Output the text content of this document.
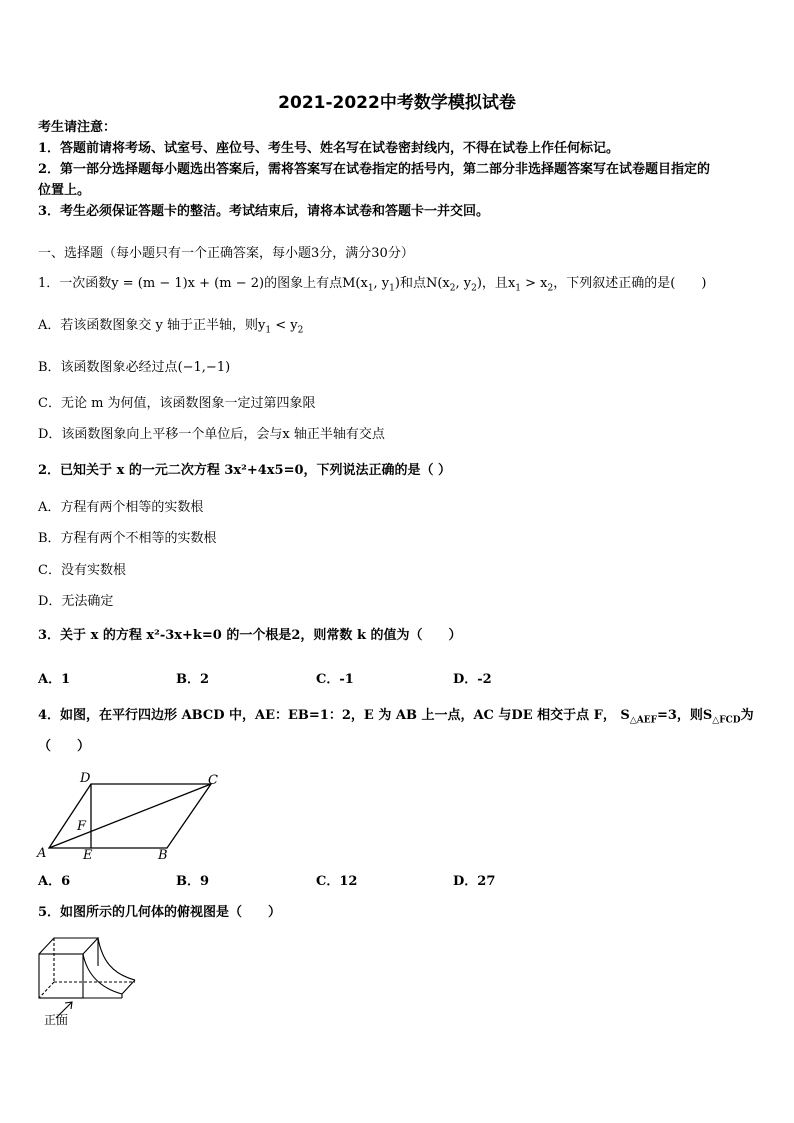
2021-2022中考数学模拟试卷
考生请注意：
1．答题前请将考场、试室号、座位号、考生号、姓名写在试卷密封线内，不得在试卷上作任何标记。
2．第一部分选择题每小题选出答案后，需将答案写在试卷指定的括号内，第二部分非选择题答案写在试卷题目指定的
位置上。
3．考生必须保证答题卡的整洁。考试结束后，请将本试卷和答题卡一并交回。
一、选择题（每小题只有一个正确答案，每小题3分，满分30分）
1．一次函数y = (m − 1)x + (m − 2)的图象上有点$M(x_1$, $y_1$)和点$N(x_2$, $y_2$)，且$x_1 > x_2$，下列叙述正确的是(　　)
A．若该函数图象交 y 轴于正半轴，则$y_1 < y_2$
B．该函数图象必经过点(−1,−1)
C．无论 m 为何值，该函数图象一定过第四象限
D．该函数图象向上平移一个单位后，会与x 轴正半轴有交点
2．已知关于 x 的一元二次方程 3x²+4x5=0，下列说法正确的是（ ）
A．方程有两个相等的实数根
B．方程有两个不相等的实数根
C．没有实数根
D．无法确定
3．关于 x 的方程 x²-3x+k=0 的一个根是2，则常数 k 的值为（　　）
A．1	B．2	C．-1	D．-2
4．如图，在平行四边形 ABCD 中，AE：EB=1：2，E 为 AB 上一点，AC 与DE 相交于点 F， $S_{\triangle AEF}=3$，则$S_{\triangle FCD}$为
（　　）
D	C
F
A	E	B
A．6	B．9	C．12	D．27
5．如图所示的几何体的俯视图是（　　）
正面
